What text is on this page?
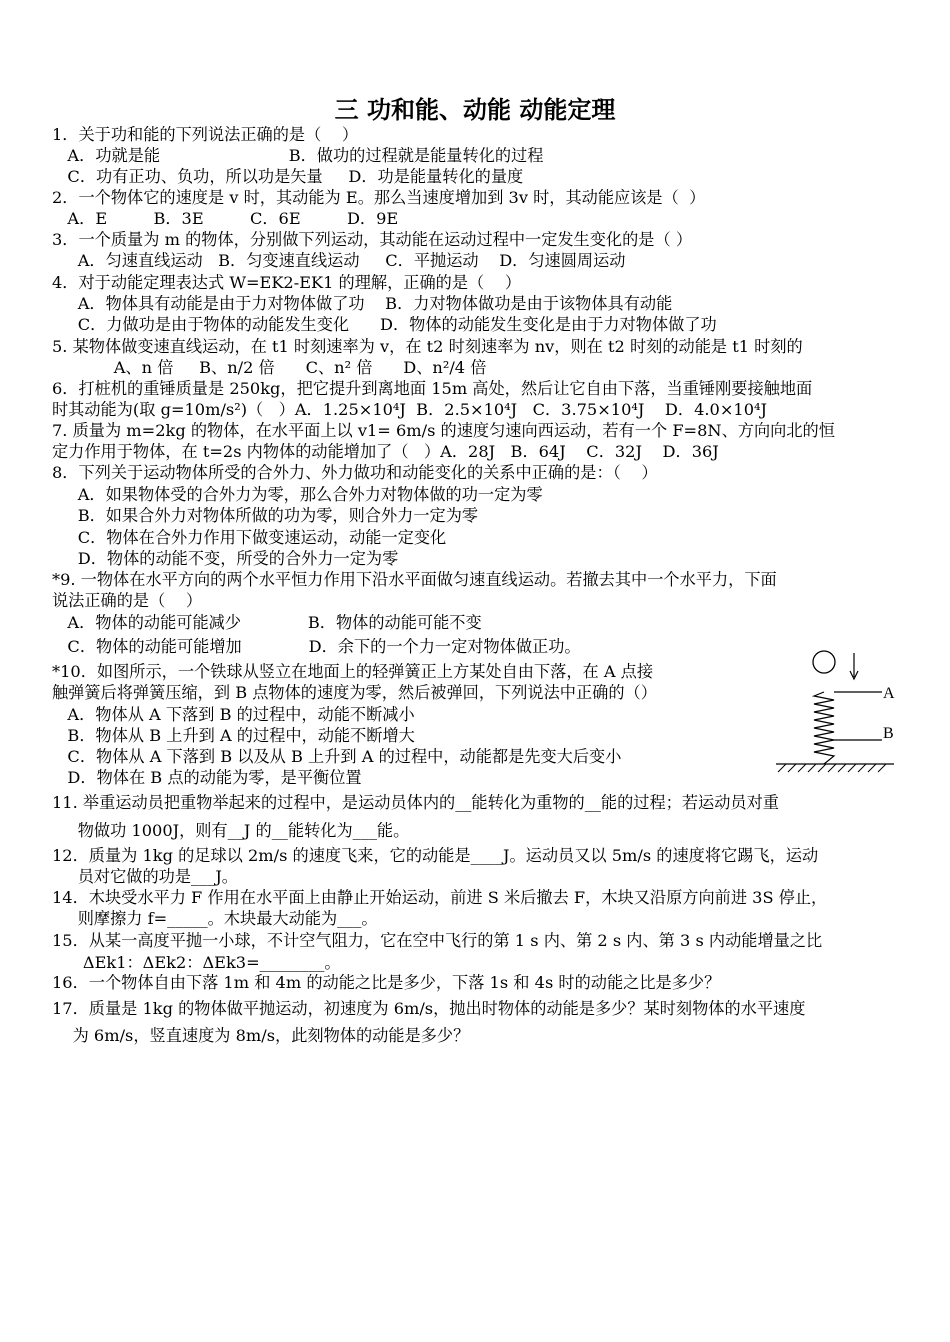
三 功和能、动能 动能定理
1．关于功和能的下列说法正确的是（    ）
A．功就是能                         B．做功的过程就是能量转化的过程
C．功有正功、负功，所以功是矢量     D．功是能量转化的量度
2．一个物体它的速度是 v 时，其动能为 E。那么当速度增加到 3v 时，其动能应该是（  ）
A．E         B．3E         C．6E         D．9E
3．一个质量为 m 的物体，分别做下列运动，其动能在运动过程中一定发生变化的是（ ）
A．匀速直线运动   B．匀变速直线运动     C．平抛运动    D．匀速圆周运动
4．对于动能定理表达式 W=EK2-EK1 的理解，正确的是（    ）
A．物体具有动能是由于力对物体做了功    B．力对物体做功是由于该物体具有动能
C．力做功是由于物体的动能发生变化      D．物体的动能发生变化是由于力对物体做了功
5. 某物体做变速直线运动，在 t1 时刻速率为 v，在 t2 时刻速率为 nv，则在 t2 时刻的动能是 t1 时刻的
A、n 倍     B、n/2 倍      C、n² 倍      D、n²/4 倍
6．打桩机的重锤质量是 250kg，把它提升到离地面 15m 高处，然后让它自由下落，当重锤刚要接触地面
时其动能为(取 g=10m/s²)（   ）A．1.25×10⁴J  B．2.5×10⁴J   C．3.75×10⁴J    D．4.0×10⁴J
7. 质量为 m=2kg 的物体，在水平面上以 v1= 6m/s 的速度匀速向西运动，若有一个 F=8N、方向向北的恒
定力作用于物体，在 t=2s 内物体的动能增加了（   ）A．28J   B．64J    C．32J    D．36J
8．下列关于运动物体所受的合外力、外力做功和动能变化的关系中正确的是：（    ）
A．如果物体受的合外力为零，那么合外力对物体做的功一定为零
B．如果合外力对物体所做的功为零，则合外力一定为零
C．物体在合外力作用下做变速运动，动能一定变化
D．物体的动能不变，所受的合外力一定为零
*9. 一物体在水平方向的两个水平恒力作用下沿水平面做匀速直线运动。若撤去其中一个水平力，下面
说法正确的是（    ）
A．物体的动能可能减少             B．物体的动能可能不变
C．物体的动能可能增加             D．余下的一个力一定对物体做正功。
*10．如图所示，一个铁球从竖立在地面上的轻弹簧正上方某处自由下落，在 A 点接
触弹簧后将弹簧压缩，到 B 点物体的速度为零，然后被弹回，下列说法中正确的（）
A．物体从 A 下落到 B 的过程中，动能不断减小
B．物体从 B 上升到 A 的过程中，动能不断增大
C．物体从 A 下落到 B 以及从 B 上升到 A 的过程中，动能都是先变大后变小
D．物体在 B 点的动能为零，是平衡位置
11. 举重运动员把重物举起来的过程中，是运动员体内的__能转化为重物的__能的过程；若运动员对重
物做功 1000J，则有__J 的__能转化为___能。
12．质量为 1kg 的足球以 2m/s 的速度飞来，它的动能是____J。运动员又以 5m/s 的速度将它踢飞，运动
员对它做的功是___J。
14．木块受水平力 F 作用在水平面上由静止开始运动，前进 S 米后撤去 F，木块又沿原方向前进 3S 停止，
则摩擦力 f=_____。木块最大动能为___。
15．从某一高度平抛一小球，不计空气阻力，它在空中飞行的第 1 s 内、第 2 s 内、第 3 s 内动能增量之比
ΔEk1：ΔEk2：ΔEk3=________。
16．一个物体自由下落 1m 和 4m 的动能之比是多少，下落 1s 和 4s 时的动能之比是多少？
17．质量是 1kg 的物体做平抛运动，初速度为 6m/s，抛出时物体的动能是多少？某时刻物体的水平速度
为 6m/s，竖直速度为 8m/s，此刻物体的动能是多少？
A
B
